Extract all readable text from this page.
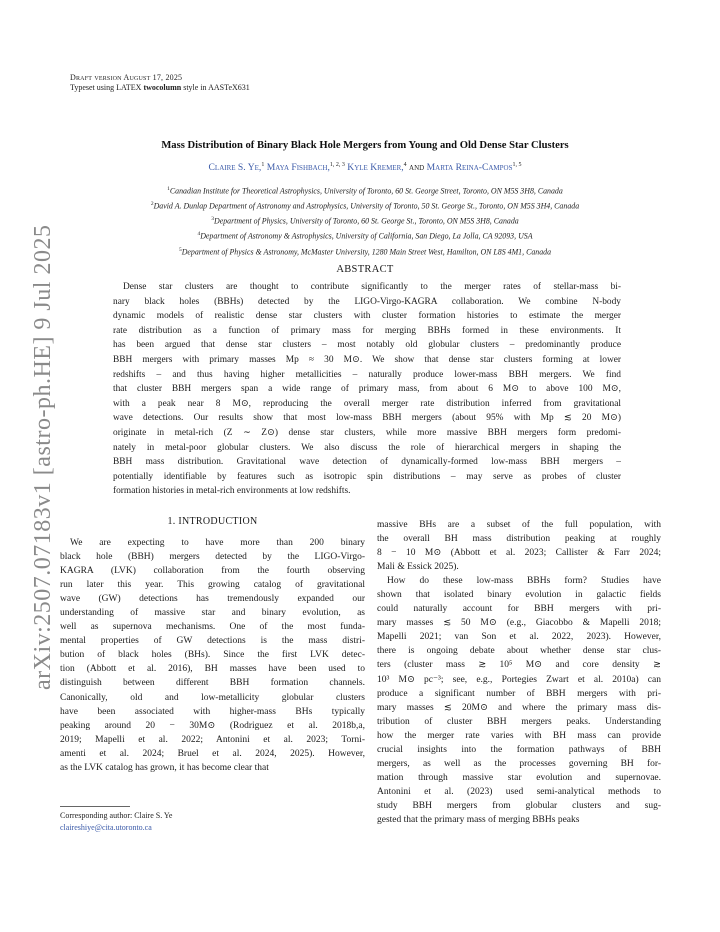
arXiv:2507.07183v1 [astro-ph.HE] 9 Jul 2025
Draft version August 17, 2025
Typeset using LATEX twocolumn style in AASTeX631
Mass Distribution of Binary Black Hole Mergers from Young and Old Dense Star Clusters
Claire S. Ye,$^1$ Maya Fishbach,$^{1, 2, 3}$ Kyle Kremer,$^4$ and Marta Reina-Campos$^{1, 5}$
$^1$Canadian Institute for Theoretical Astrophysics, University of Toronto, 60 St. George Street, Toronto, ON M5S 3H8, Canada
$^2$David A. Dunlap Department of Astronomy and Astrophysics, University of Toronto, 50 St. George St., Toronto, ON M5S 3H4, Canada
$^3$Department of Physics, University of Toronto, 60 St. George St., Toronto, ON M5S 3H8, Canada
$^4$Department of Astronomy & Astrophysics, University of California, San Diego, La Jolla, CA 92093, USA
$^5$Department of Physics & Astronomy, McMaster University, 1280 Main Street West, Hamilton, ON L8S 4M1, Canada
ABSTRACT
Dense star clusters are thought to contribute significantly to the merger rates of stellar-mass bi-
nary black holes (BBHs) detected by the LIGO-Virgo-KAGRA collaboration. We combine N-body
dynamic models of realistic dense star clusters with cluster formation histories to estimate the merger
rate distribution as a function of primary mass for merging BBHs formed in these environments. It
has been argued that dense star clusters – most notably old globular clusters – predominantly produce
BBH mergers with primary masses Mp ≈ 30 M⊙. We show that dense star clusters forming at lower
redshifts – and thus having higher metallicities – naturally produce lower-mass BBH mergers. We find
that cluster BBH mergers span a wide range of primary mass, from about 6 M⊙ to above 100 M⊙,
with a peak near 8 M⊙, reproducing the overall merger rate distribution inferred from gravitational
wave detections. Our results show that most low-mass BBH mergers (about 95% with Mp ≲ 20 M⊙)
originate in metal-rich (Z ∼ Z⊙) dense star clusters, while more massive BBH mergers form predomi-
nately in metal-poor globular clusters. We also discuss the role of hierarchical mergers in shaping the
BBH mass distribution. Gravitational wave detection of dynamically-formed low-mass BBH mergers –
potentially identifiable by features such as isotropic spin distributions – may serve as probes of cluster
formation histories in metal-rich environments at low redshifts.
1. INTRODUCTION
We are expecting to have more than 200 binary
black hole (BBH) mergers detected by the LIGO-Virgo-
KAGRA (LVK) collaboration from the fourth observing
run later this year. This growing catalog of gravitational
wave (GW) detections has tremendously expanded our
understanding of massive star and binary evolution, as
well as supernova mechanisms. One of the most funda-
mental properties of GW detections is the mass distri-
bution of black holes (BHs). Since the first LVK detec-
tion (Abbott et al. 2016), BH masses have been used to
distinguish between different BBH formation channels.
Canonically, old and low-metallicity globular clusters
have been associated with higher-mass BHs typically
peaking around 20 − 30M⊙ (Rodriguez et al. 2018b,a,
2019; Mapelli et al. 2022; Antonini et al. 2023; Torni-
amenti et al. 2024; Bruel et al. 2024, 2025). However,
as the LVK catalog has grown, it has become clear that
massive BHs are a subset of the full population, with
the overall BH mass distribution peaking at roughly
8 − 10 M⊙ (Abbott et al. 2023; Callister & Farr 2024;
Mali & Essick 2025).
How do these low-mass BBHs form? Studies have
shown that isolated binary evolution in galactic fields
could naturally account for BBH mergers with pri-
mary masses ≲ 50 M⊙ (e.g., Giacobbo & Mapelli 2018;
Mapelli 2021; van Son et al. 2022, 2023). However,
there is ongoing debate about whether dense star clus-
ters (cluster mass ≳ 10⁵ M⊙ and core density ≳
10³ M⊙ pc⁻³; see, e.g., Portegies Zwart et al. 2010a) can
produce a significant number of BBH mergers with pri-
mary masses ≲ 20M⊙ and where the primary mass dis-
tribution of cluster BBH mergers peaks. Understanding
how the merger rate varies with BH mass can provide
crucial insights into the formation pathways of BBH
mergers, as well as the processes governing BH for-
mation through massive star evolution and supernovae.
Antonini et al. (2023) used semi-analytical methods to
study BBH mergers from globular clusters and sug-
gested that the primary mass of merging BBHs peaks
Corresponding author: Claire S. Ye
claireshiye@cita.utoronto.ca
